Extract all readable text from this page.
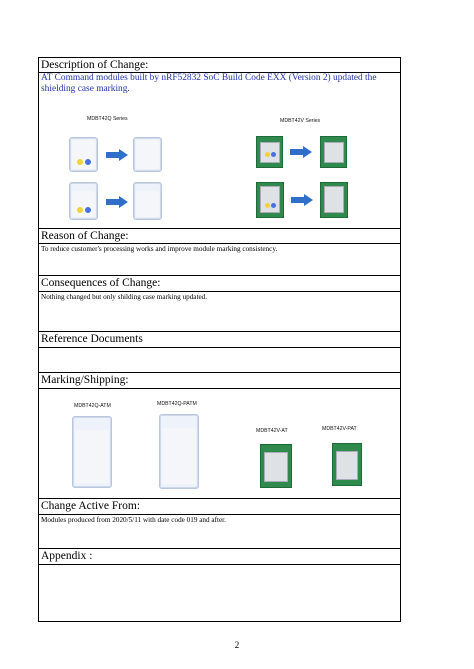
Description of Change:
AT Command modules built by nRF52832 SoC Build Code EXX (Version 2) updated the shielding case marking.
MDBT42Q Series	MDBT42V Series
Reason of Change:
To reduce customer's processing works and improve module marking consistency.
Consequences of Change:
Nothing changed but only shilding case marking updated.
Reference Documents
Marking/Shipping:
MDBT42Q-ATM	MDBT42Q-PATM
MDBT42V-AT	MDBT42V-PAT
Change Active From:
Modules produced from 2020/5/11 with date code 019 and after.
Appendix :
2
